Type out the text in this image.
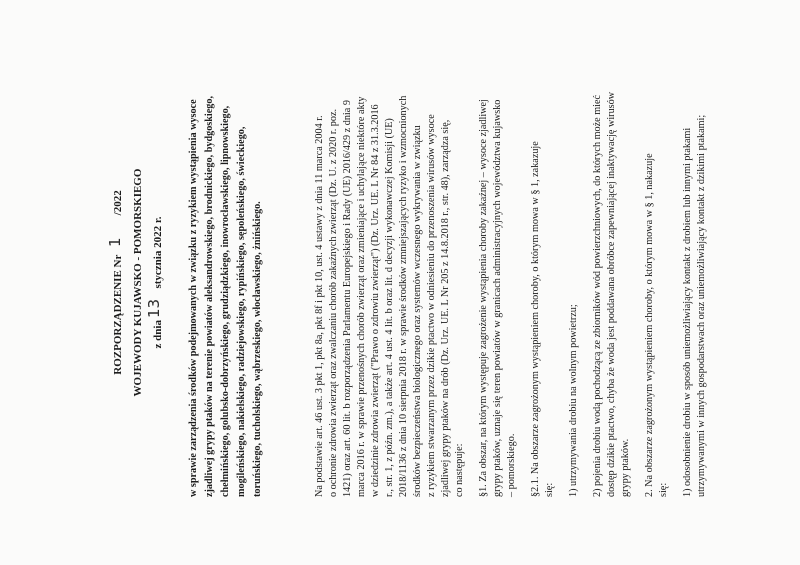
ROZPORZĄDZENIE Nr  /2022
1 WOJEWODY KUJAWSKO - POMORSKIEGO z dnia  stycznia 2022 r.
13 w sprawie zarządzenia środków podejmowanych w związku z ryzykiem wystąpienia wysoce zjadliwej grypy ptaków na terenie powiatów aleksandrowskiego, brodnickiego, bydgoskiego, chełmińskiego, golubsko-dobrzyńskiego, grudziądzkiego, inowrocławskiego, lipnowskiego, mogileńskiego, nakielskiego, radziejowskiego, rypińskiego, sępoleńskiego, świeckiego, toruńskiego, tucholskiego, wąbrzeskiego, włocławskiego, żnińskiego.	Na podstawie art. 46 ust. 3 pkt 1, pkt 8a, pkt 8f i pkt 10, ust. 4 ustawy z dnia 11 marca 2004 r. o ochronie zdrowia zwierząt oraz zwalczaniu chorób zakaźnych zwierząt (Dz. U. z 2020 r. poz. 1421) oraz art. 60 lit. b rozporządzenia Parlamentu Europejskiego i Rady (UE) 2016/429 z dnia 9 marca 2016 r. w sprawie przenośnych chorób zwierząt oraz zmieniające i uchylające niektóre akty w dziedzinie zdrowia zwierząt ("Prawo o zdrowiu zwierząt") (Dz. Urz. UE. L Nr 84 z 31.3.2016 r., str. 1, z późn. zm.), a także art. 4 ust. 4 lit. b oraz lit. d decyzji wykonawczej Komisji (UE) 2018/1136 z dnia 10 sierpnia 2018 r. w sprawie środków zmniejszających ryzyko i wzmocnionych środków bezpieczeństwa biologicznego oraz systemów wczesnego wykrywania w związku z ryzykiem stwarzanym przez dzikie ptactwo w odniesieniu do przenoszenia wirusów wysoce zjadliwej grypy ptaków na drób (Dz. Urz. UE. L Nr 205 z 14.8.2018 r., str. 48), zarządza się, co następuje: §1. Za obszar, na którym występuje zagrożenie wystąpienia choroby zakaźnej – wysoce zjadliwej grypy ptaków, uznaje się teren powiatów w granicach administracyjnych województwa kujawsko – pomorskiego. §2.1. Na obszarze zagrożonym wystąpieniem choroby, o którym mowa w § 1, zakazuje się: 1) utrzymywania drobiu na wolnym powietrzu; 2) pojenia drobiu wodą pochodzącą ze zbiorników wód powierzchniowych, do których może mieć dostęp dzikie ptactwo, chyba że woda jest poddawana obróbce zapewniającej inaktywację wirusów grypy ptaków. 2. Na obszarze zagrożonym wystąpieniem choroby, o którym mowa w § 1, nakazuje się: 1) odosobnienie drobiu w sposób uniemożliwiający kontakt z drobiem lub innymi ptakami utrzymywanymi w innych gospodarstwach oraz uniemożliwiający kontakt z dzikimi ptakami;
